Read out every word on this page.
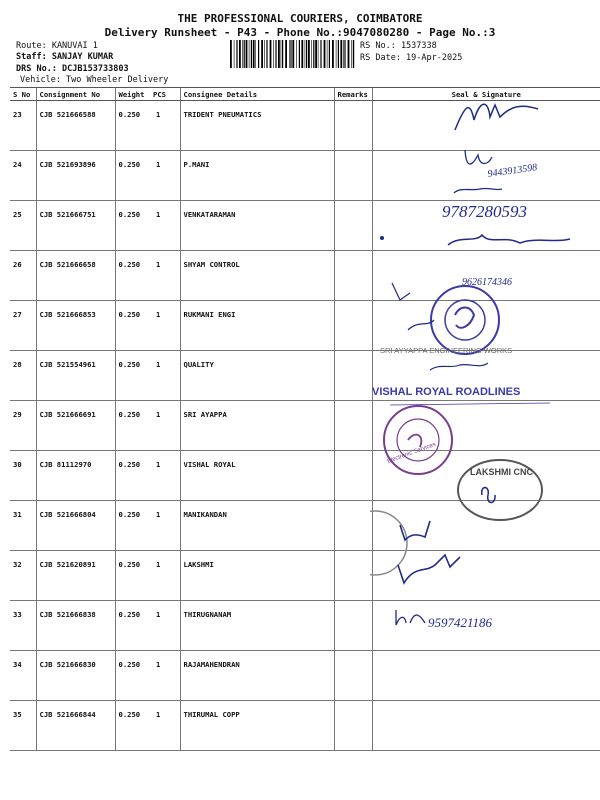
THE PROFESSIONAL COURIERS, COIMBATORE
Delivery Runsheet - P43 - Phone No.:9047080280 - Page No.:3
Route: KANUVAI 1
Staff: SANJAY KUMAR
DRS No.: DCJB153733803
Vehicle: Two Wheeler Delivery
RS No.: 1537338
RS Date: 19-Apr-2025
S No	Consignment No	Weight	PCS	Consignee Details	Remarks	Seal & Signature
23	CJB 521666588	0.250	1	TRIDENT PNEUMATICS		
24	CJB 521693896	0.250	1	P.MANI		
25	CJB 521666751	0.250	1	VENKATARAMAN		
26	CJB 521666658	0.250	1	SHYAM CONTROL		
27	CJB 521666853	0.250	1	RUKMANI ENGI		
28	CJB 521554961	0.250	1	QUALITY		
29	CJB 521666691	0.250	1	SRI AYAPPA		
30	CJB 81112970	0.250	1	VISHAL ROYAL		
31	CJB 521666804	0.250	1	MANIKANDAN		
32	CJB 521620891	0.250	1	LAKSHMI		
33	CJB 521666838	0.250	1	THIRUGNANAM		
34	CJB 521666830	0.250	1	RAJAMAHENDRAN		
35	CJB 521666844	0.250	1	THIRUMAL COPP		
9443913598
9787280593
9626174346
SRI AYYAPPA ENGINEERING WORKS
VISHAL ROYAL ROADLINES
Electronic Services
LAKSHMI CNC
9597421186
